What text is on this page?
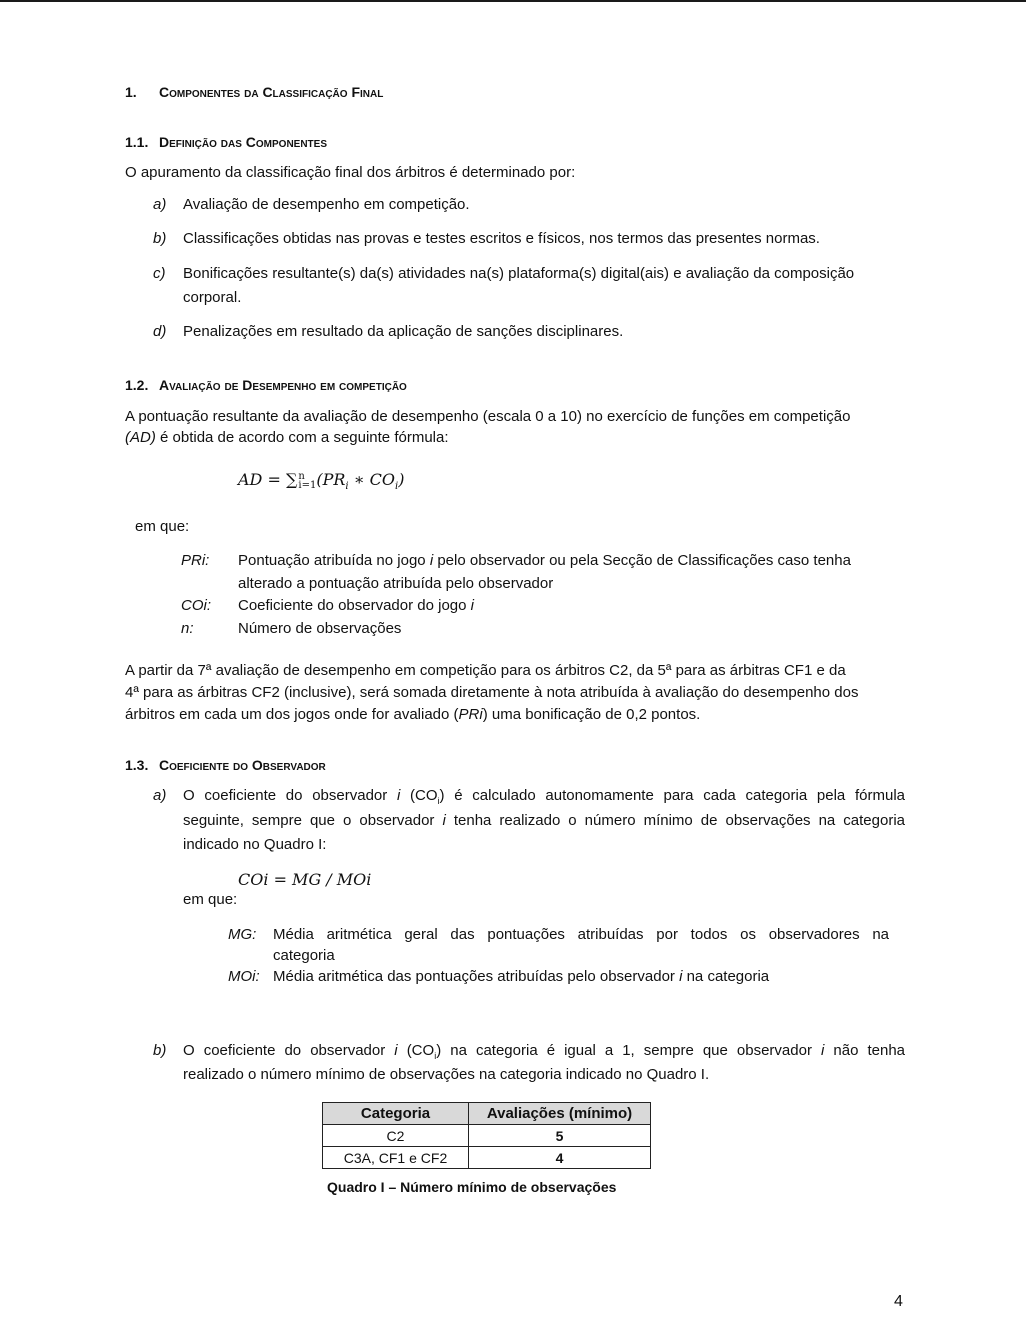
1. Componentes da Classificação Final
1.1. Definição das Componentes
O apuramento da classificação final dos árbitros é determinado por:
a) Avaliação de desempenho em competição.
b) Classificações obtidas nas provas e testes escritos e físicos, nos termos das presentes normas.
c) Bonificações resultante(s) da(s) atividades na(s) plataforma(s) digital(ais) e avaliação da composição
corporal.
d) Penalizações em resultado da aplicação de sanções disciplinares.
1.2. Avaliação de Desempenho em competição
A pontuação resultante da avaliação de desempenho (escala 0 a 10) no exercício de funções em competição
(AD) é obtida de acordo com a seguinte fórmula:
AD = ∑ n
i=1 ($PR_i$ ∗ $CO_i$)
em que:
PRi: Pontuação atribuída no jogo i pelo observador ou pela Secção de Classificações caso tenha
alterado a pontuação atribuída pelo observador
COi: Coeficiente do observador do jogo i
n:	Número de observações
A partir da 7ª avaliação de desempenho em competição para os árbitros C2, da 5ª para as árbitras CF1 e da
4ª para as árbitras CF2 (inclusive), será somada diretamente à nota atribuída à avaliação do desempenho dos
árbitros em cada um dos jogos onde for avaliado (PRi) uma bonificação de 0,2 pontos.
1.3. Coeficiente do Observador
a) O coeficiente do observador i $(CO_i)$ é calculado autonomamente para cada categoria pela fórmula
seguinte, sempre que o observador i tenha realizado o número mínimo de observações na categoria
indicado no Quadro I:
COi = MG / MOi
em que:
MG: Média aritmética geral das pontuações atribuídas por todos os observadores na
categoria
MOi: Média aritmética das pontuações atribuídas pelo observador i na categoria
b) O coeficiente do observador i $(CO_i)$ na categoria é igual a 1, sempre que observador i não tenha
realizado o número mínimo de observações na categoria indicado no Quadro I.
Categoria	Avaliações (mínimo)
C2	5
C3A, CF1 e CF2	4
Quadro I – Número mínimo de observações
4
